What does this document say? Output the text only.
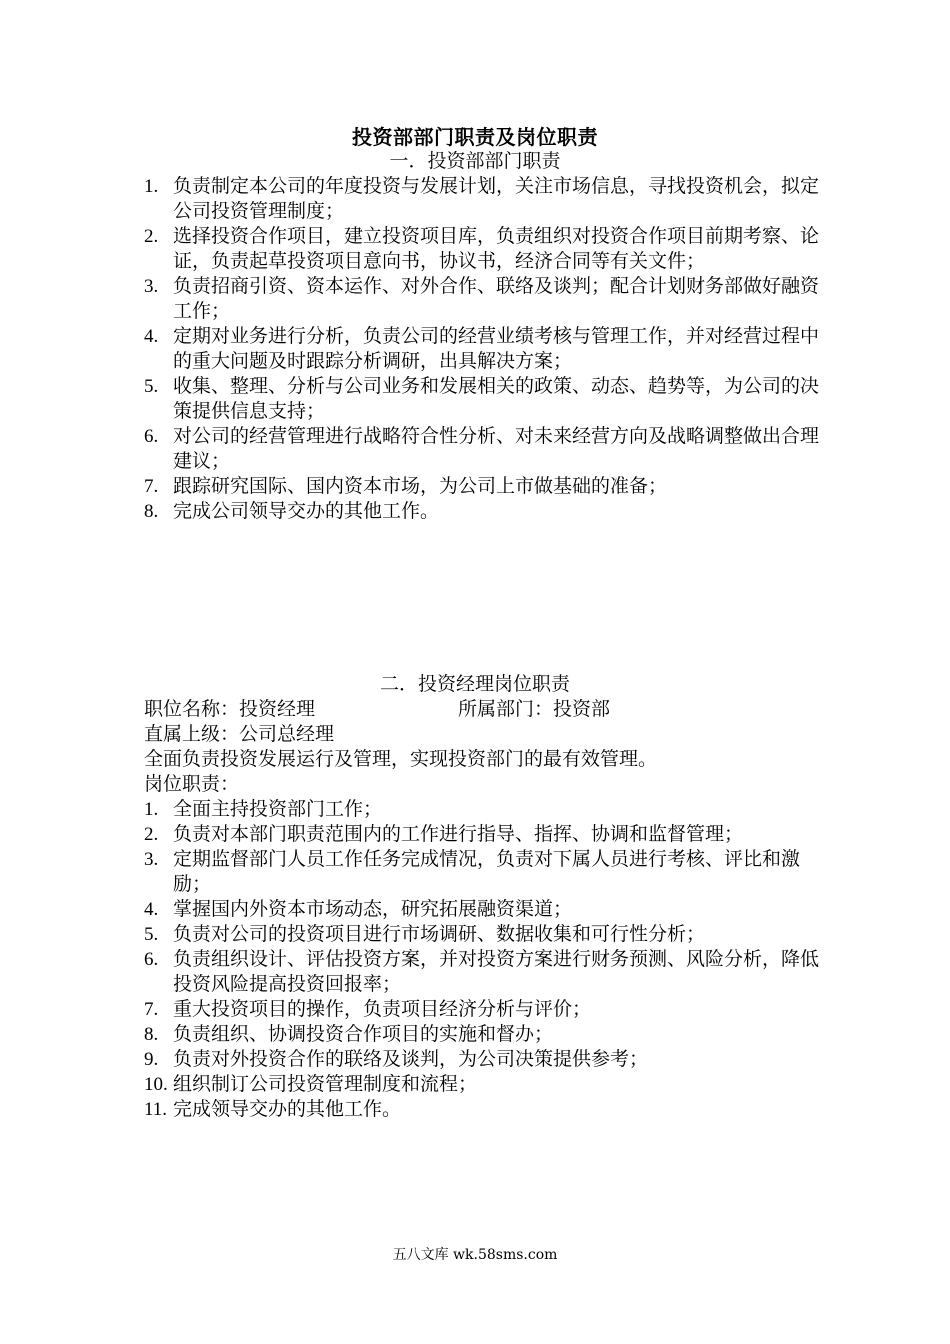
投资部部门职责及岗位职责
一．投资部部门职责
1. 负责制定本公司的年度投资与发展计划，关注市场信息，寻找投资机会，拟定公司投资管理制度；
2. 选择投资合作项目，建立投资项目库，负责组织对投资合作项目前期考察、论证，负责起草投资项目意向书，协议书，经济合同等有关文件；
3. 负责招商引资、资本运作、对外合作、联络及谈判；配合计划财务部做好融资工作；
4. 定期对业务进行分析，负责公司的经营业绩考核与管理工作，并对经营过程中的重大问题及时跟踪分析调研，出具解决方案；
5. 收集、整理、分析与公司业务和发展相关的政策、动态、趋势等，为公司的决策提供信息支持；
6. 对公司的经营管理进行战略符合性分析、对未来经营方向及战略调整做出合理建议；
7. 跟踪研究国际、国内资本市场，为公司上市做基础的准备；
8. 完成公司领导交办的其他工作。
二．投资经理岗位职责
职位名称：投资经理	所属部门：投资部
直属上级：公司总经理
全面负责投资发展运行及管理，实现投资部门的最有效管理。
岗位职责：
1. 全面主持投资部门工作；
2. 负责对本部门职责范围内的工作进行指导、指挥、协调和监督管理；
3. 定期监督部门人员工作任务完成情况，负责对下属人员进行考核、评比和激励；
4. 掌握国内外资本市场动态，研究拓展融资渠道；
5. 负责对公司的投资项目进行市场调研、数据收集和可行性分析；
6. 负责组织设计、评估投资方案，并对投资方案进行财务预测、风险分析，降低投资风险提高投资回报率；
7. 重大投资项目的操作，负责项目经济分析与评价；
8. 负责组织、协调投资合作项目的实施和督办；
9. 负责对外投资合作的联络及谈判，为公司决策提供参考；
10. 组织制订公司投资管理制度和流程；
11. 完成领导交办的其他工作。
五八文库 wk.58sms.com
